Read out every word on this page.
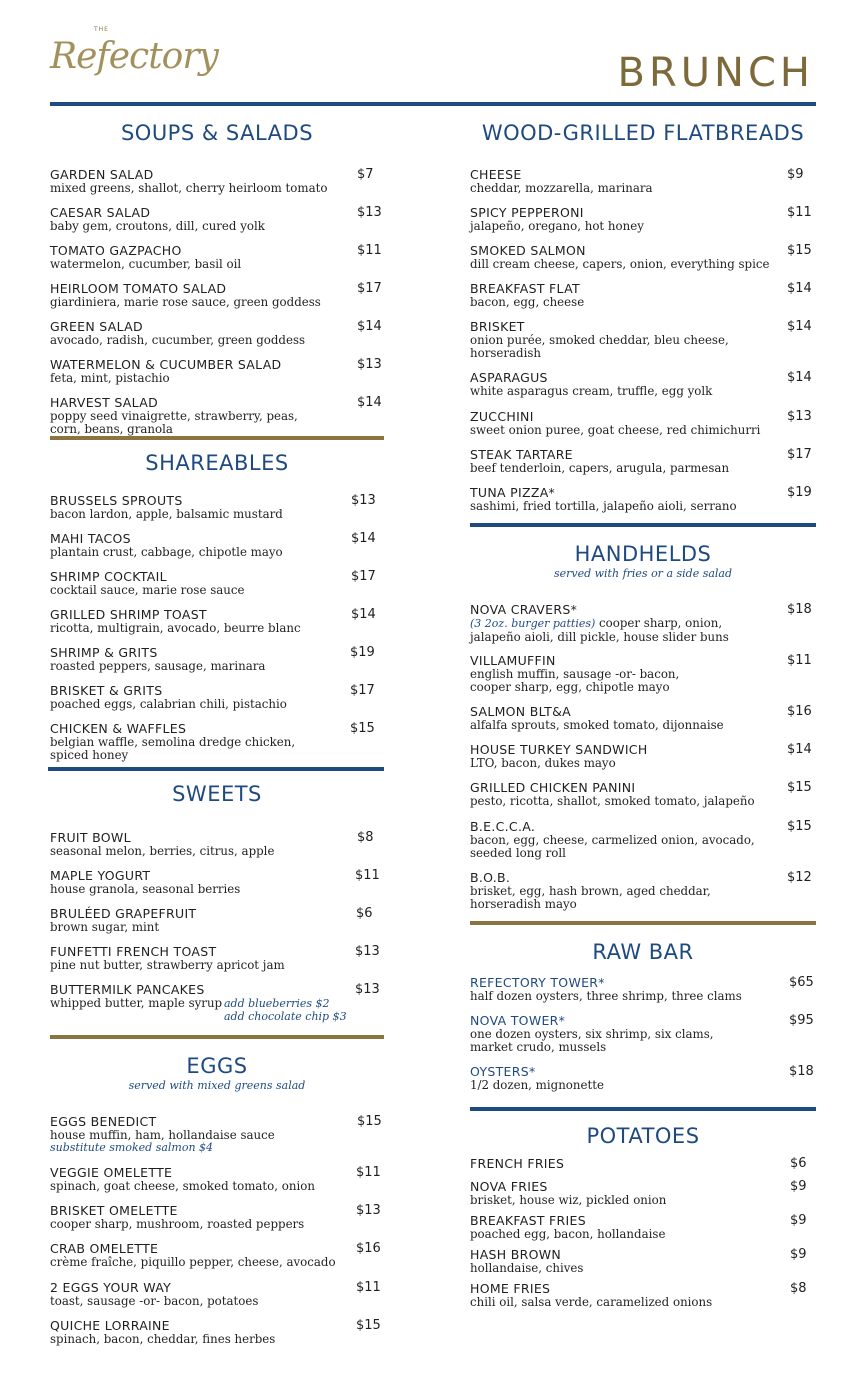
THE
Refectory	BRUNCH
SOUPS & SALADS
GARDEN SALAD
mixed greens, shallot, cherry heirloom tomato
$7
CAESAR SALAD
baby gem, croutons, dill, cured yolk
$13
TOMATO GAZPACHO
watermelon, cucumber, basil oil
$11
HEIRLOOM TOMATO SALAD
giardiniera, marie rose sauce, green goddess
$17
GREEN SALAD
avocado, radish, cucumber, green goddess
$14
WATERMELON & CUCUMBER SALAD
feta, mint, pistachio
$13
HARVEST SALAD
poppy seed vinaigrette, strawberry, peas,
corn, beans, granola
$14
SHAREABLES
BRUSSELS SPROUTS
bacon lardon, apple, balsamic mustard
$13
MAHI TACOS
plantain crust, cabbage, chipotle mayo
$14
SHRIMP COCKTAIL
cocktail sauce, marie rose sauce
$17
GRILLED SHRIMP TOAST
ricotta, multigrain, avocado, beurre blanc
$14
SHRIMP & GRITS
roasted peppers, sausage, marinara
$19
BRISKET & GRITS
poached eggs, calabrian chili, pistachio
$17
CHICKEN & WAFFLES
belgian waffle, semolina dredge chicken,
spiced honey
$15
SWEETS
FRUIT BOWL
seasonal melon, berries, citrus, apple
$8
MAPLE YOGURT
house granola, seasonal berries
$11
BRULÉED GRAPEFRUIT
brown sugar, mint
$6
FUNFETTI FRENCH TOAST
pine nut butter, strawberry apricot jam
$13
BUTTERMILK PANCAKES
whipped butter, maple syrup add blueberries $2
add chocolate chip $3
$13
EGGS
served with mixed greens salad
EGGS BENEDICT
house muffin, ham, hollandaise sauce
substitute smoked salmon $4
$15
VEGGIE OMELETTE
spinach, goat cheese, smoked tomato, onion
$11
BRISKET OMELETTE
cooper sharp, mushroom, roasted peppers
$13
CRAB OMELETTE
crème fraîche, piquillo pepper, cheese, avocado
$16
2 EGGS YOUR WAY
toast, sausage -or- bacon, potatoes
$11
QUICHE LORRAINE
spinach, bacon, cheddar, fines herbes
$15
WOOD-GRILLED FLATBREADS
CHEESE
cheddar, mozzarella, marinara
$9
SPICY PEPPERONI
jalapeño, oregano, hot honey
$11
SMOKED SALMON
dill cream cheese, capers, onion, everything spice
$15
BREAKFAST FLAT
bacon, egg, cheese
$14
BRISKET
onion purée, smoked cheddar, bleu cheese,
horseradish
$14
ASPARAGUS
white asparagus cream, truffle, egg yolk
$14
ZUCCHINI
sweet onion puree, goat cheese, red chimichurri
$13
STEAK TARTARE
beef tenderloin, capers, arugula, parmesan
$17
TUNA PIZZA*
sashimi, fried tortilla, jalapeño aioli, serrano
$19
HANDHELDS
served with fries or a side salad
NOVA CRAVERS*
(3 2oz. burger patties) cooper sharp, onion,
jalapeño aioli, dill pickle, house slider buns
$18
VILLAMUFFIN
english muffin, sausage -or- bacon,
cooper sharp, egg, chipotle mayo
$11
SALMON BLT&A
alfalfa sprouts, smoked tomato, dijonnaise
$16
HOUSE TURKEY SANDWICH
LTO, bacon, dukes mayo
$14
GRILLED CHICKEN PANINI
pesto, ricotta, shallot, smoked tomato, jalapeño
$15
B.E.C.C.A.
bacon, egg, cheese, carmelized onion, avocado,
seeded long roll
$15
B.O.B.
brisket, egg, hash brown, aged cheddar,
horseradish mayo
$12
RAW BAR
REFECTORY TOWER*
half dozen oysters, three shrimp, three clams
$65
NOVA TOWER*
one dozen oysters, six shrimp, six clams,
market crudo, mussels
$95
OYSTERS*
1/2 dozen, mignonette
$18
POTATOES
FRENCH FRIES	$6
NOVA FRIES
brisket, house wiz, pickled onion
$9
BREAKFAST FRIES
poached egg, bacon, hollandaise
$9
HASH BROWN
hollandaise, chives
$9
HOME FRIES
chili oil, salsa verde, caramelized onions
$8
